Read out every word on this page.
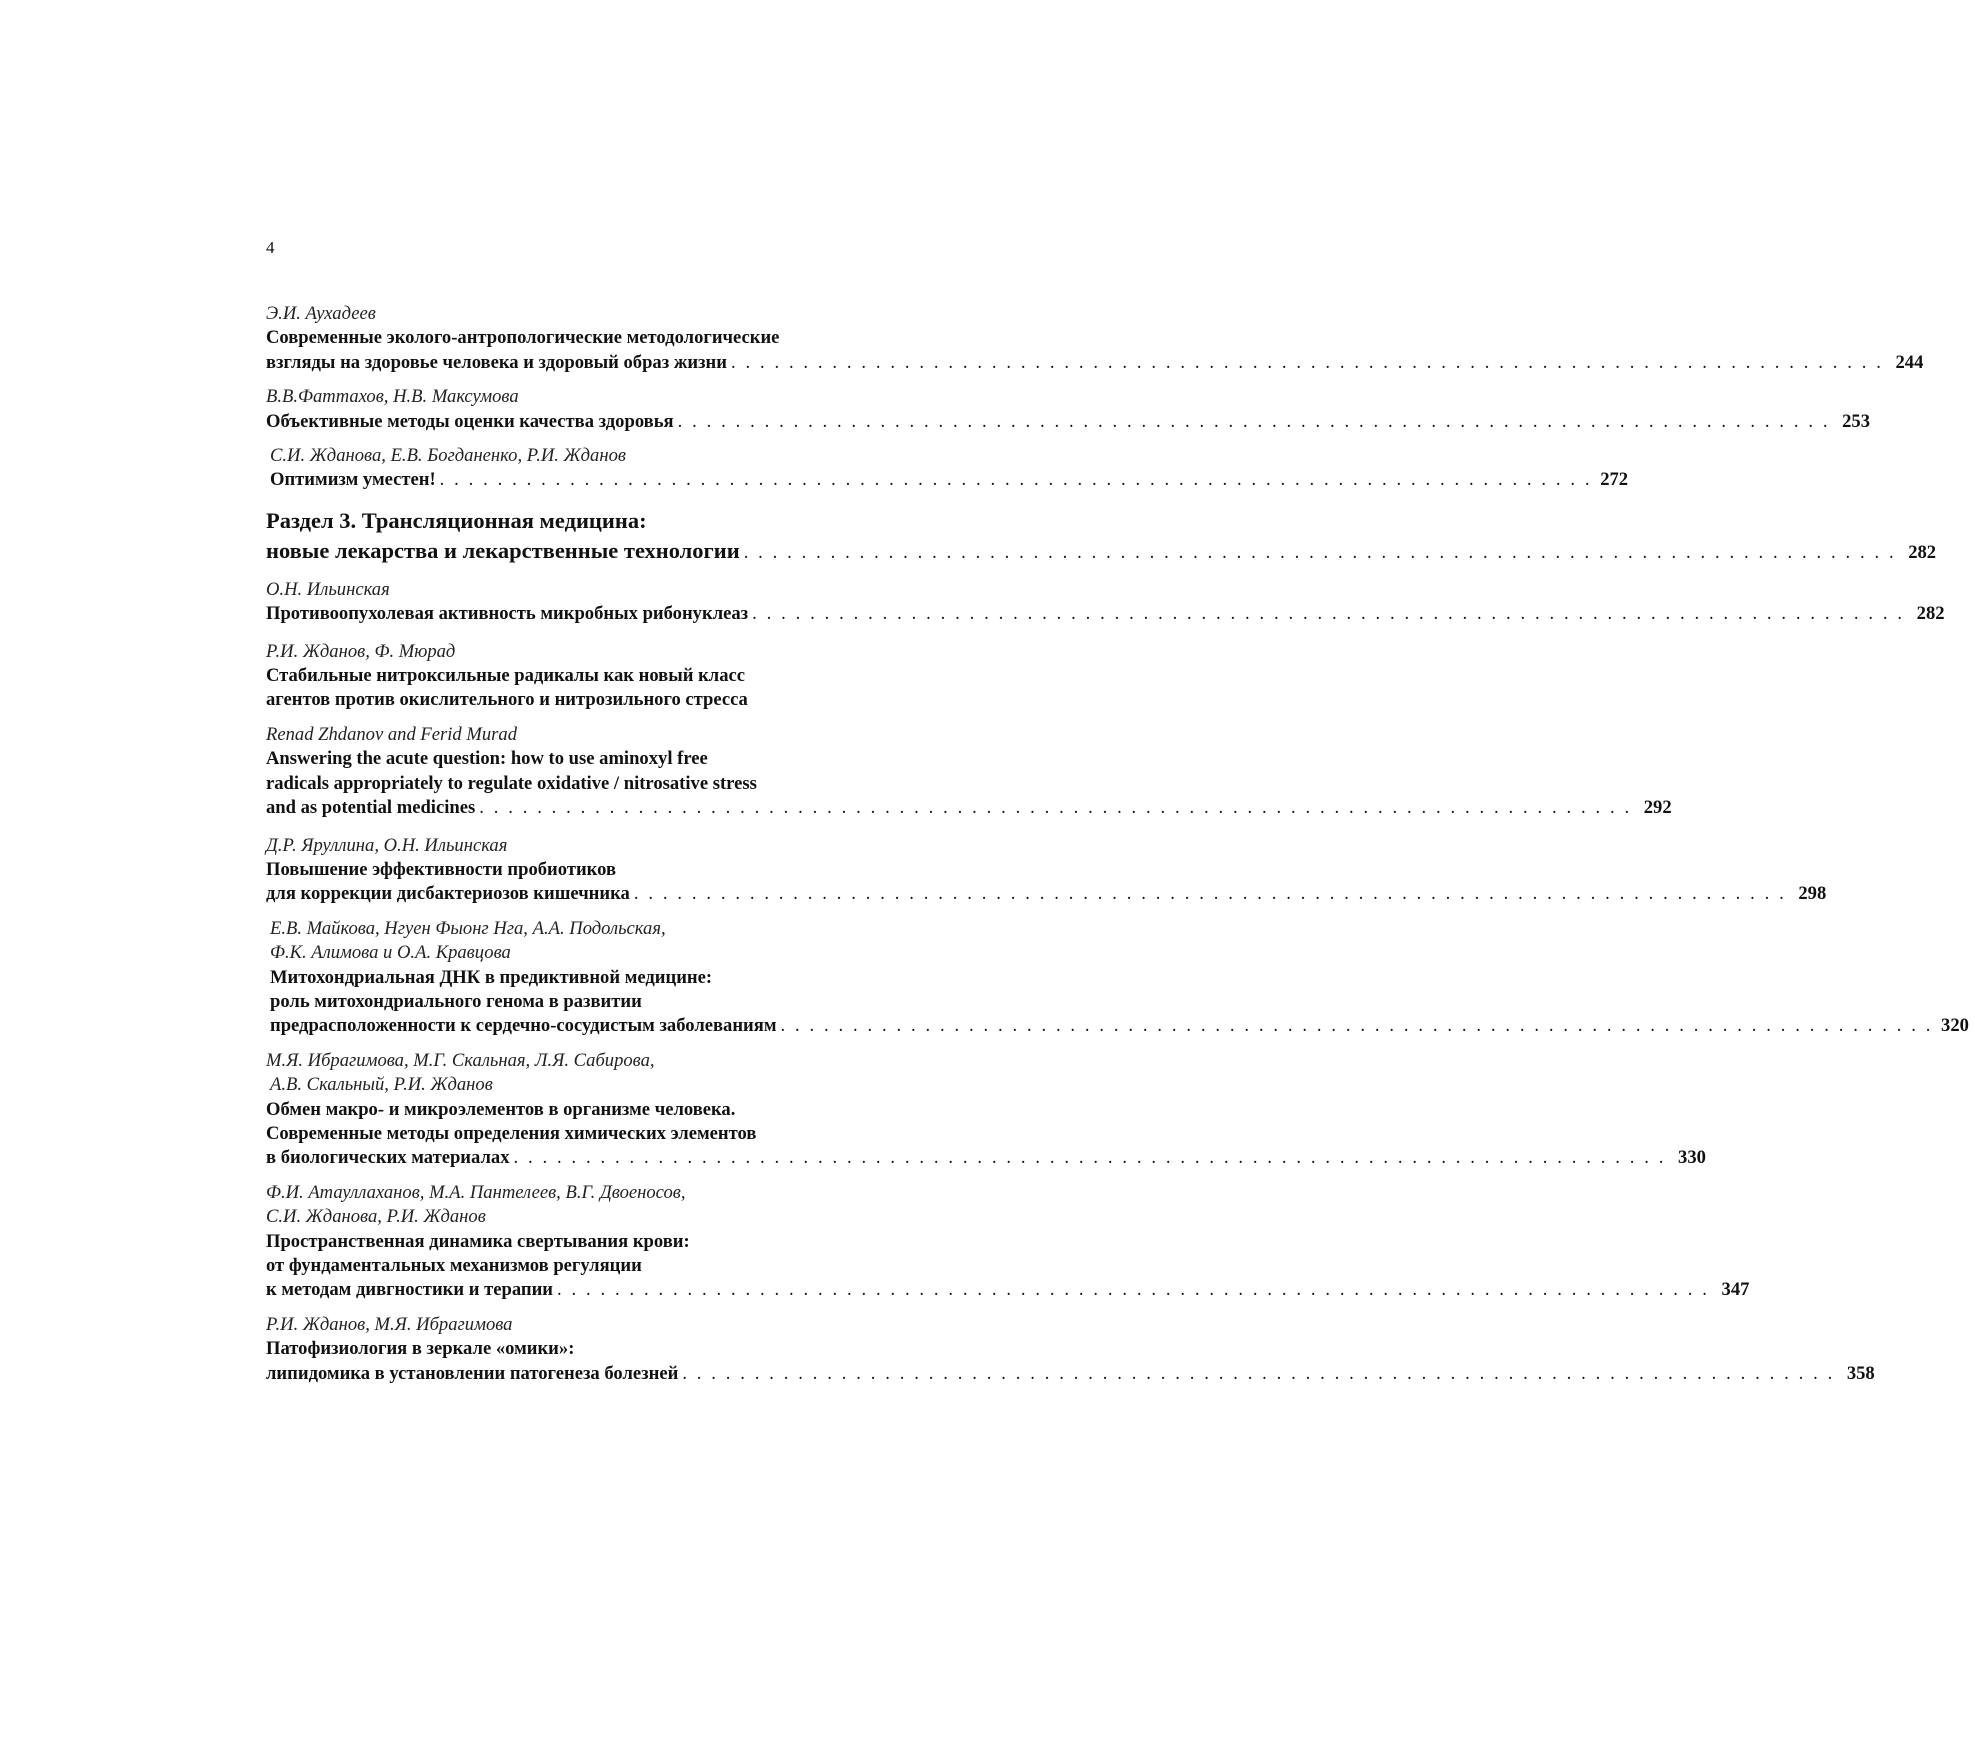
4
Э.И. Аухадеев
Современные эколого-антропологические методологические
взгляды на здоровье человека и здоровый образ жизни . . . . . . . . . . . . . . . . . . . . . . . . . . . . . . . . . . . . . . . . . . . . . . . . . . . . . . . . . . . . . . . . . . . . . . . . . . . . . . . . 244
В.В.Фаттахов, Н.В. Максумова
Объективные методы оценки качества здоровья . . . . . . . . . . . . . . . . . . . . . . . . . . . . . . . . . . . . . . . . . . . . . . . . . . . . . . . . . . . . . . . . . . . . . . . . . . . . . . . . 253
С.И. Жданова, Е.В. Богданенко, Р.И. Жданов
Оптимизм уместен! . . . . . . . . . . . . . . . . . . . . . . . . . . . . . . . . . . . . . . . . . . . . . . . . . . . . . . . . . . . . . . . . . . . . . . . . . . . . . . . . 272
Раздел 3. Трансляционная медицина:
новые лекарства и лекарственные технологии . . . . . . . . . . . . . . . . . . . . . . . . . . . . . . . . . . . . . . . . . . . . . . . . . . . . . . . . . . . . . . . . . . . . . . . . . . . . . . . . 282
О.Н. Ильинская
Противоопухолевая активность микробных рибонуклеаз . . . . . . . . . . . . . . . . . . . . . . . . . . . . . . . . . . . . . . . . . . . . . . . . . . . . . . . . . . . . . . . . . . . . . . . . . . . . . . . . 282
Р.И. Жданов, Ф. Мюрад
Стабильные нитроксильные радикалы как новый класс
агентов против окислительного и нитрозильного стресса
Renad Zhdanov and Ferid Murad
Answering the acute question: how to use aminoxyl free
radicals appropriately to regulate oxidative / nitrosative stress
and as potential medicines . . . . . . . . . . . . . . . . . . . . . . . . . . . . . . . . . . . . . . . . . . . . . . . . . . . . . . . . . . . . . . . . . . . . . . . . . . . . . . . . 292
Д.Р. Яруллина, О.Н. Ильинская
Повышение эффективности пробиотиков
для коррекции дисбактериозов кишечника . . . . . . . . . . . . . . . . . . . . . . . . . . . . . . . . . . . . . . . . . . . . . . . . . . . . . . . . . . . . . . . . . . . . . . . . . . . . . . . . 298
Е.В. Майкова, Нгуен Фыонг Нга, А.А. Подольская,
Ф.К. Алимова и О.А. Кравцова
Митохондриальная ДНК в предиктивной медицине:
роль митохондриального генома в развитии
предрасположенности к сердечно-сосудистым заболеваниям . . . . . . . . . . . . . . . . . . . . . . . . . . . . . . . . . . . . . . . . . . . . . . . . . . . . . . . . . . . . . . . . . . . . . . . . . . . . . . . . 320
М.Я. Ибрагимова, М.Г. Скальная, Л.Я. Сабирова,
А.В. Скальный, Р.И. Жданов
Обмен макро- и микроэлементов в организме человека.
Современные методы определения химических элементов
в биологических материалах . . . . . . . . . . . . . . . . . . . . . . . . . . . . . . . . . . . . . . . . . . . . . . . . . . . . . . . . . . . . . . . . . . . . . . . . . . . . . . . . 330
Ф.И. Атауллаханов, М.А. Пантелеев, В.Г. Двоеносов,
С.И. Жданова, Р.И. Жданов
Пространственная динамика свертывания крови:
от фундаментальных механизмов регуляции
к методам дивгностики и терапии . . . . . . . . . . . . . . . . . . . . . . . . . . . . . . . . . . . . . . . . . . . . . . . . . . . . . . . . . . . . . . . . . . . . . . . . . . . . . . . . 347
Р.И. Жданов, М.Я. Ибрагимова
Патофизиология в зеркале «омики»:
липидомика в установлении патогенеза болезней . . . . . . . . . . . . . . . . . . . . . . . . . . . . . . . . . . . . . . . . . . . . . . . . . . . . . . . . . . . . . . . . . . . . . . . . . . . . . . . . 358
